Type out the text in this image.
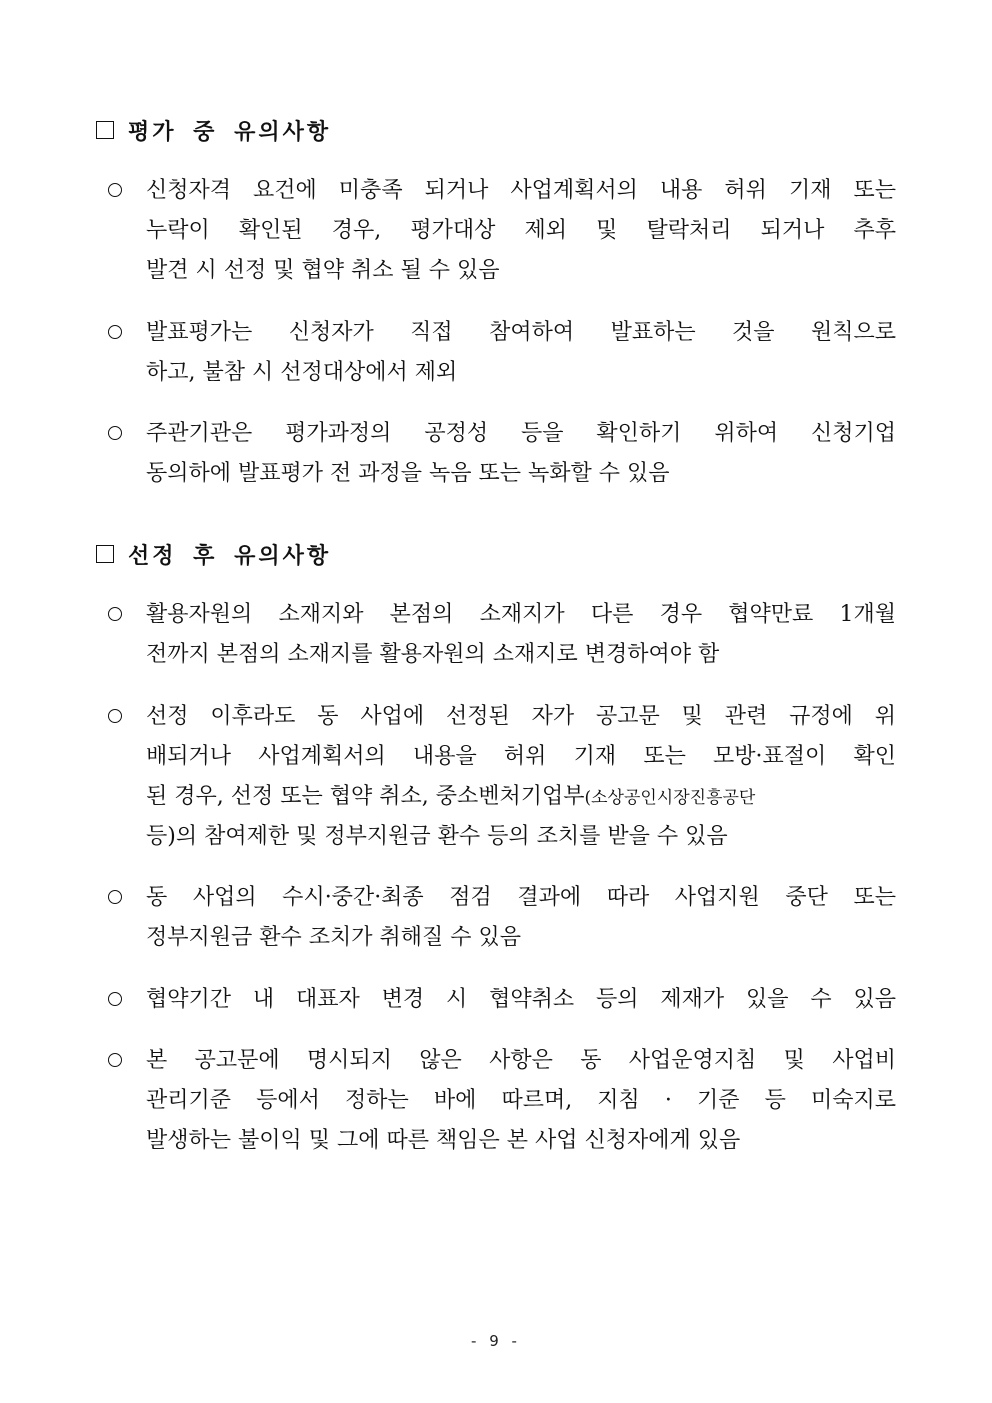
평가 중 유의사항
신청자격 요건에 미충족 되거나 사업계획서의 내용 허위 기재 또는
누락이 확인된 경우, 평가대상 제외 및 탈락처리 되거나 추후
발견 시 선정 및 협약 취소 될 수 있음
발표평가는 신청자가 직접 참여하여 발표하는 것을 원칙으로
하고, 불참 시 선정대상에서 제외
주관기관은 평가과정의 공정성 등을 확인하기 위하여 신청기업
동의하에 발표평가 전 과정을 녹음 또는 녹화할 수 있음
선정 후 유의사항
활용자원의 소재지와 본점의 소재지가 다른 경우 협약만료 1개월
전까지 본점의 소재지를 활용자원의 소재지로 변경하여야 함
선정 이후라도 동 사업에 선정된 자가 공고문 및 관련 규정에 위
배되거나 사업계획서의 내용을 허위 기재 또는 모방·표절이 확인
된 경우, 선정 또는 협약 취소, 중소벤처기업부(소상공인시장진흥공단
등)의 참여제한 및 정부지원금 환수 등의 조치를 받을 수 있음
동 사업의 수시·중간·최종 점검 결과에 따라 사업지원 중단 또는
정부지원금 환수 조치가 취해질 수 있음
협약기간 내 대표자 변경 시 협약취소 등의 제재가 있을 수 있음
본 공고문에 명시되지 않은 사항은 동 사업운영지침 및 사업비
관리기준 등에서 정하는 바에 따르며, 지침 · 기준 등 미숙지로
발생하는 불이익 및 그에 따른 책임은 본 사업 신청자에게 있음
- 9 -
